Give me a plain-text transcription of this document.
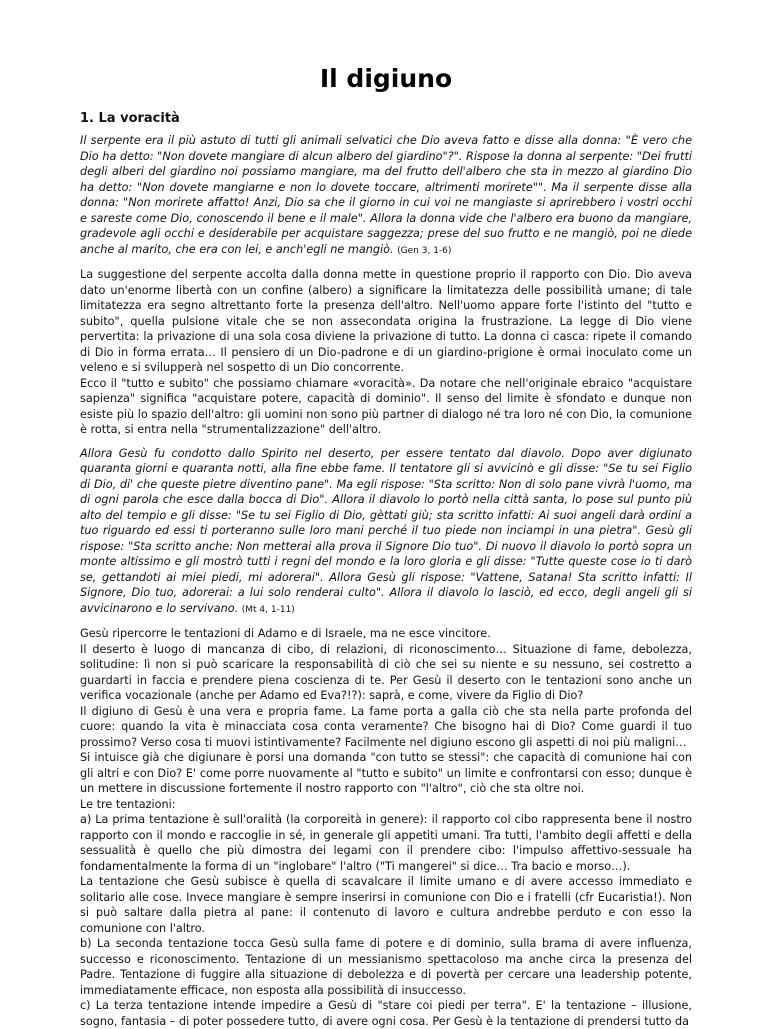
Il digiuno
1. La voracità

Il serpente era il più astuto di tutti gli animali selvatici che Dio aveva fatto e disse alla donna: "È vero che Dio ha detto: "Non dovete mangiare di alcun albero del giardino"?". Rispose la donna al serpente: "Dei frutti degli alberi del giardino noi possiamo mangiare, ma del frutto dell'albero che sta in mezzo al giardino Dio ha detto: "Non dovete mangiarne e non lo dovete toccare, altrimenti morirete"". Ma il serpente disse alla donna: "Non morirete affatto! Anzi, Dio sa che il giorno in cui voi ne mangiaste si aprirebbero i vostri occhi e sareste come Dio, conoscendo il bene e il male". Allora la donna vide che l'albero era buono da mangiare, gradevole agli occhi e desiderabile per acquistare saggezza; prese del suo frutto e ne mangiò, poi ne diede anche al marito, che era con lei, e anch'egli ne mangiò. (Gen 3, 1-6)

La suggestione del serpente accolta dalla donna mette in questione proprio il rapporto con Dio. Dio aveva dato un'enorme libertà con un confine (albero) a significare la limitatezza delle possibilità umane; di tale limitatezza era segno altrettanto forte la presenza dell'altro. Nell'uomo appare forte l'istinto del "tutto e subito", quella pulsione vitale che se non assecondata origina la frustrazione. La legge di Dio viene pervertita: la privazione di una sola cosa diviene la privazione di tutto. La donna ci casca: ripete il comando di Dio in forma errata… Il pensiero di un Dio-padrone e di un giardino-prigione è ormai inoculato come un veleno e si svilupperà nel sospetto di un Dio concorrente.

Ecco il "tutto e subito" che possiamo chiamare «voracità». Da notare che nell'originale ebraico "acquistare sapienza" significa "acquistare potere, capacità di dominio". Il senso del limite è sfondato e dunque non esiste più lo spazio dell'altro: gli uomini non sono più partner di dialogo né tra loro né con Dio, la comunione è rotta, si entra nella "strumentalizzazione" dell'altro.

Allora Gesù fu condotto dallo Spirito nel deserto, per essere tentato dal diavolo. Dopo aver digiunato quaranta giorni e quaranta notti, alla fine ebbe fame. Il tentatore gli si avvicinò e gli disse: "Se tu sei Figlio di Dio, di' che queste pietre diventino pane". Ma egli rispose: "Sta scritto: Non di solo pane vivrà l'uomo, ma di ogni parola che esce dalla bocca di Dio". Allora il diavolo lo portò nella città santa, lo pose sul punto più alto del tempio e gli disse: "Se tu sei Figlio di Dio, gèttati giù; sta scritto infatti: Ai suoi angeli darà ordini a tuo riguardo ed essi ti porteranno sulle loro mani perché il tuo piede non inciampi in una pietra". Gesù gli rispose: "Sta scritto anche: Non metterai alla prova il Signore Dio tuo". Di nuovo il diavolo lo portò sopra un monte altissimo e gli mostrò tutti i regni del mondo e la loro gloria e gli disse: "Tutte queste cose io ti darò se, gettandoti ai miei piedi, mi adorerai". Allora Gesù gli rispose: "Vattene, Satana! Sta scritto infatti: Il Signore, Dio tuo, adorerai: a lui solo renderai culto". Allora il diavolo lo lasciò, ed ecco, degli angeli gli si avvicinarono e lo servivano. (Mt 4, 1-11)

Gesù ripercorre le tentazioni di Adamo e di Israele, ma ne esce vincitore.

Il deserto è luogo di mancanza di cibo, di relazioni, di riconoscimento… Situazione di fame, debolezza, solitudine: lì non si può scaricare la responsabilità di ciò che sei su niente e su nessuno, sei costretto a guardarti in faccia e prendere piena coscienza di te. Per Gesù il deserto con le tentazioni sono anche un verifica vocazionale (anche per Adamo ed Eva?!?): saprà, e come, vivere da Figlio di Dio?

Il digiuno di Gesù è una vera e propria fame. La fame porta a galla ciò che sta nella parte profonda del cuore: quando la vita è minacciata cosa conta veramente? Che bisogno hai di Dio? Come guardi il tuo prossimo? Verso cosa ti muovi istintivamente? Facilmente nel digiuno escono gli aspetti di noi più maligni…

Si intuisce già che digiunare è porsi una domanda "con tutto se stessi": che capacità di comunione hai con gli altri e con Dio? E' come porre nuovamente al "tutto e subito" un limite e confrontarsi con esso; dunque è un mettere in discussione fortemente il nostro rapporto con "l'altro", ciò che sta oltre noi.

Le tre tentazioni:

a) La prima tentazione è sull'oralità (la corporeità in genere): il rapporto col cibo rappresenta bene il nostro rapporto con il mondo e raccoglie in sé, in generale gli appetiti umani. Tra tutti, l'ambito degli affetti e della sessualità è quello che più dimostra dei legami con il prendere cibo: l'impulso affettivo-sessuale ha fondamentalmente la forma di un "inglobare" l'altro ("Ti mangerei" si dice… Tra bacio e morso…).

La tentazione che Gesù subisce è quella di scavalcare il limite umano e di avere accesso immediato e solitario alle cose. Invece mangiare è sempre inserirsi in comunione con Dio e i fratelli (cfr Eucaristia!). Non si può saltare dalla pietra al pane: il contenuto di lavoro e cultura andrebbe perduto e con esso la comunione con l'altro.

b) La seconda tentazione tocca Gesù sulla fame di potere e di dominio, sulla brama di avere influenza, successo e riconoscimento. Tentazione di un messianismo spettacoloso ma anche circa la presenza del Padre. Tentazione di fuggire alla situazione di debolezza e di povertà per cercare una leadership potente, immediatamente efficace, non esposta alla possibilità di insuccesso.

c) La terza tentazione intende impedire a Gesù di "stare coi piedi per terra". E' la tentazione – illusione, sogno, fantasia – di poter possedere tutto, di avere ogni cosa. Per Gesù è la tentazione di prendersi tutto da
